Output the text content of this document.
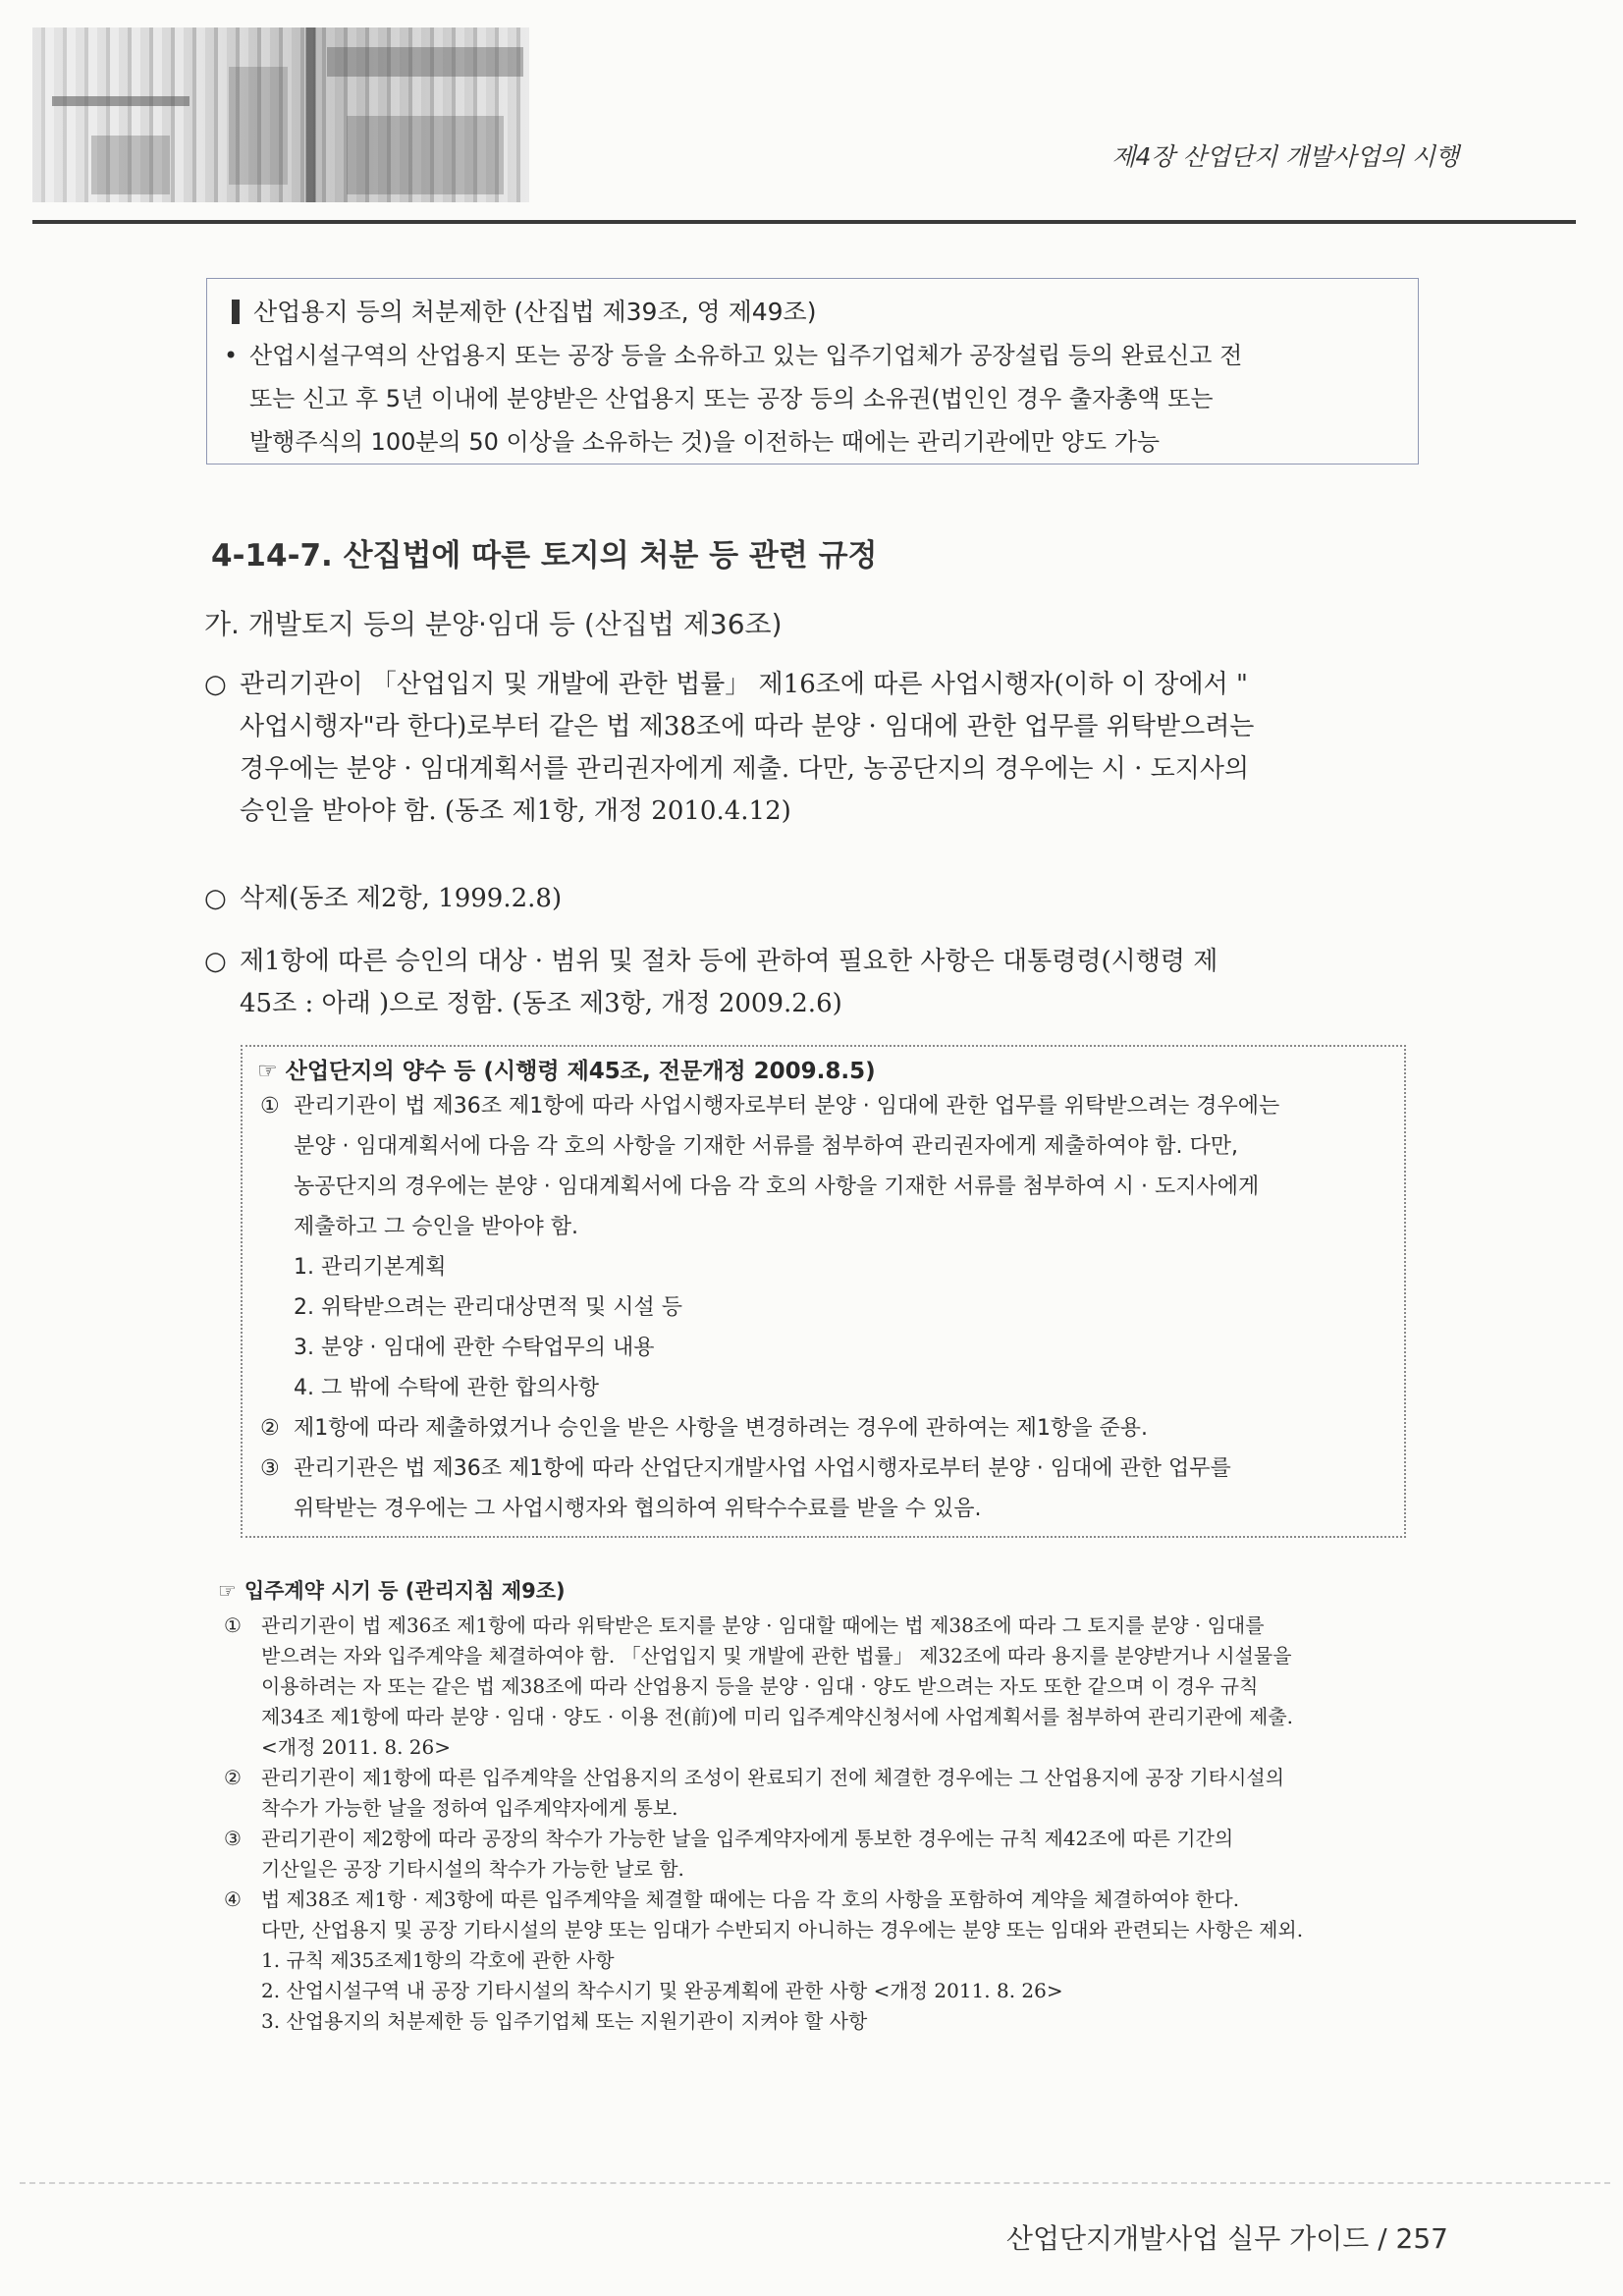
제4장 산업단지 개발사업의 시행
산업용지 등의 처분제한 (산집법 제39조, 영 제49조)
• 산업시설구역의 산업용지 또는 공장 등을 소유하고 있는 입주기업체가 공장설립 등의 완료신고 전
또는 신고 후 5년 이내에 분양받은 산업용지 또는 공장 등의 소유권(법인인 경우 출자총액 또는
발행주식의 100분의 50 이상을 소유하는 것)을 이전하는 때에는 관리기관에만 양도 가능
4-14-7. 산집법에 따른 토지의 처분 등 관련 규정
가. 개발토지 등의 분양·임대 등 (산집법 제36조)
○ 관리기관이 「산업입지 및 개발에 관한 법률」 제16조에 따른 사업시행자(이하 이 장에서 "
사업시행자"라 한다)로부터 같은 법 제38조에 따라 분양 · 임대에 관한 업무를 위탁받으려는
경우에는 분양 · 임대계획서를 관리권자에게 제출. 다만, 농공단지의 경우에는 시 · 도지사의
승인을 받아야 함. (동조 제1항, 개정 2010.4.12)
○ 삭제(동조 제2항, 1999.2.8)
○ 제1항에 따른 승인의 대상 · 범위 및 절차 등에 관하여 필요한 사항은 대통령령(시행령 제
45조 : 아래 )으로 정함. (동조 제3항, 개정 2009.2.6)
☞ 산업단지의 양수 등 (시행령 제45조, 전문개정 2009.8.5)
① 관리기관이 법 제36조 제1항에 따라 사업시행자로부터 분양 · 임대에 관한 업무를 위탁받으려는 경우에는
분양 · 임대계획서에 다음 각 호의 사항을 기재한 서류를 첨부하여 관리권자에게 제출하여야 함. 다만,
농공단지의 경우에는 분양 · 임대계획서에 다음 각 호의 사항을 기재한 서류를 첨부하여 시 · 도지사에게
제출하고 그 승인을 받아야 함.
1. 관리기본계획
2. 위탁받으려는 관리대상면적 및 시설 등
3. 분양 · 임대에 관한 수탁업무의 내용
4. 그 밖에 수탁에 관한 합의사항
② 제1항에 따라 제출하였거나 승인을 받은 사항을 변경하려는 경우에 관하여는 제1항을 준용.
③ 관리기관은 법 제36조 제1항에 따라 산업단지개발사업 사업시행자로부터 분양 · 임대에 관한 업무를
위탁받는 경우에는 그 사업시행자와 협의하여 위탁수수료를 받을 수 있음.
☞ 입주계약 시기 등 (관리지침 제9조)
① 관리기관이 법 제36조 제1항에 따라 위탁받은 토지를 분양 · 임대할 때에는 법 제38조에 따라 그 토지를 분양 · 임대를
받으려는 자와 입주계약을 체결하여야 함. 「산업입지 및 개발에 관한 법률」 제32조에 따라 용지를 분양받거나 시설물을
이용하려는 자 또는 같은 법 제38조에 따라 산업용지 등을 분양 · 임대 · 양도 받으려는 자도 또한 같으며 이 경우 규칙
제34조 제1항에 따라 분양 · 임대 · 양도 · 이용 전(前)에 미리 입주계약신청서에 사업계획서를 첨부하여 관리기관에 제출.
<개정 2011. 8. 26>
② 관리기관이 제1항에 따른 입주계약을 산업용지의 조성이 완료되기 전에 체결한 경우에는 그 산업용지에 공장 기타시설의
착수가 가능한 날을 정하여 입주계약자에게 통보.
③ 관리기관이 제2항에 따라 공장의 착수가 가능한 날을 입주계약자에게 통보한 경우에는 규칙 제42조에 따른 기간의
기산일은 공장 기타시설의 착수가 가능한 날로 함.
④ 법 제38조 제1항 · 제3항에 따른 입주계약을 체결할 때에는 다음 각 호의 사항을 포함하여 계약을 체결하여야 한다.
다만, 산업용지 및 공장 기타시설의 분양 또는 임대가 수반되지 아니하는 경우에는 분양 또는 임대와 관련되는 사항은 제외.
1. 규칙 제35조제1항의 각호에 관한 사항
2. 산업시설구역 내 공장 기타시설의 착수시기 및 완공계획에 관한 사항 <개정 2011. 8. 26>
3. 산업용지의 처분제한 등 입주기업체 또는 지원기관이 지켜야 할 사항
산업단지개발사업 실무 가이드 / 257
